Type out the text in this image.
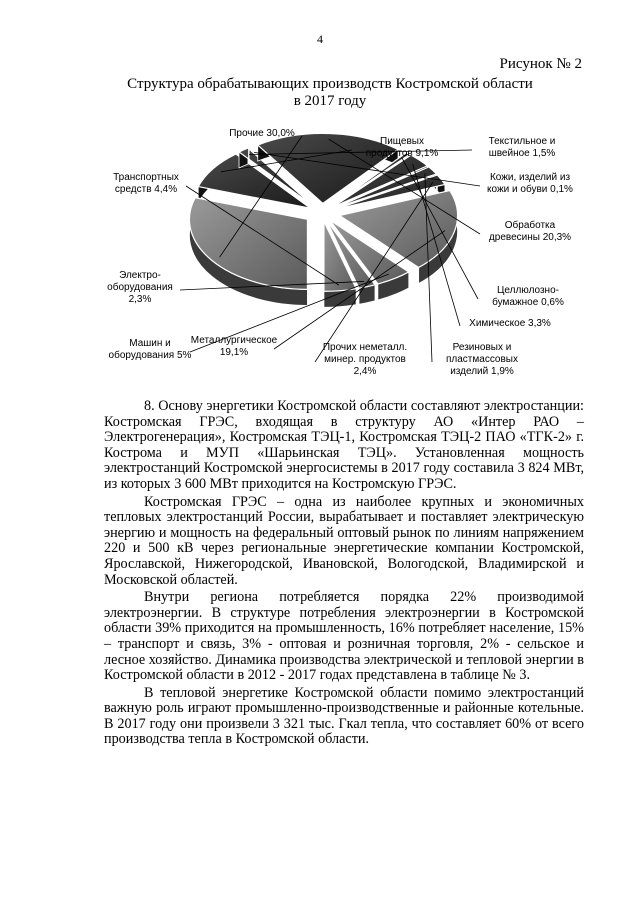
4
Рисунок № 2
Структура обрабатывающих производств Костромской области
в 2017 году
Пищевых продуктов 9,1%
Текстильное и швейное 1,5%
Кожи, изделий из кожи и обуви 0,1%
Обработка древесины 20,3%
Целлюлозно-бумажное 0,6%
Химическое 3,3%
Резиновых и пластмассовых изделий 1,9%
Прочих неметалл. минер. продуктов 2,4%
Металлургическое 19,1%
Машин и оборудования 5%
Электро-оборудования 2,3%
Транспортных средств 4,4%
Прочие 30,0%

8. Основу энергетики Костромской области составляют электростанции: Костромская ГРЭС, входящая в структуру АО «Интер РАО – Электрогенерация», Костромская ТЭЦ-1, Костромская ТЭЦ-2 ПАО «ТГК-2» г. Кострома и МУП «Шарьинская ТЭЦ». Установленная мощность электростанций Костромской энергосистемы в 2017 году составила 3 824 МВт, из которых 3 600 МВт приходится на Костромскую ГРЭС.

Костромская ГРЭС – одна из наиболее крупных и экономичных тепловых электростанций России, вырабатывает и поставляет электрическую энергию и мощность на федеральный оптовый рынок по линиям напряжением 220 и 500 кВ через региональные энергетические компании Костромской, Ярославской, Нижегородской, Ивановской, Вологодской, Владимирской и Московской областей.

Внутри региона потребляется порядка 22% производимой электроэнергии. В структуре потребления электроэнергии в Костромской области 39% приходится на промышленность, 16% потребляет население, 15% – транспорт и связь, 3% - оптовая и розничная торговля, 2% - сельское и лесное хозяйство. Динамика производства электрической и тепловой энергии в Костромской области в 2012 - 2017 годах представлена в таблице № 3.

В тепловой энергетике Костромской области помимо электростанций важную роль играют промышленно-производственные и районные котельные. В 2017 году они произвели 3 321 тыс. Гкал тепла, что составляет 60% от всего производства тепла в Костромской области.
